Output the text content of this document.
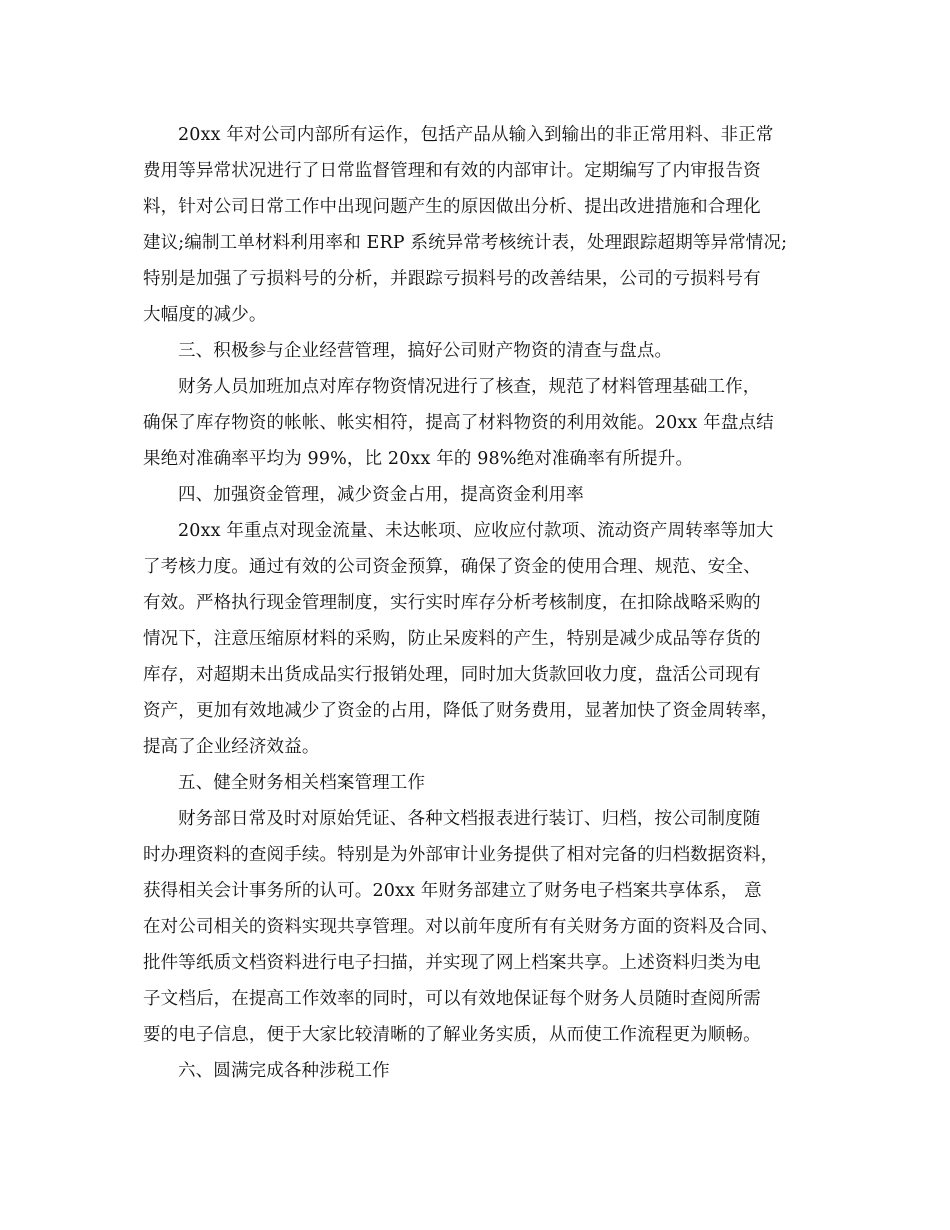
20xx 年对公司内部所有运作，包括产品从输入到输出的非正常用料、非正常
费用等异常状况进行了日常监督管理和有效的内部审计。定期编写了内审报告资
料，针对公司日常工作中出现问题产生的原因做出分析、提出改进措施和合理化
建议;编制工单材料利用率和 ERP 系统异常考核统计表，处理跟踪超期等异常情况;
特别是加强了亏损料号的分析，并跟踪亏损料号的改善结果，公司的亏损料号有
大幅度的减少。
三、积极参与企业经营管理，搞好公司财产物资的清查与盘点。
财务人员加班加点对库存物资情况进行了核查，规范了材料管理基础工作，
确保了库存物资的帐帐、帐实相符，提高了材料物资的利用效能。20xx 年盘点结
果绝对准确率平均为 99%，比 20xx 年的 98%绝对准确率有所提升。
四、加强资金管理，减少资金占用，提高资金利用率
20xx 年重点对现金流量、未达帐项、应收应付款项、流动资产周转率等加大
了考核力度。通过有效的公司资金预算，确保了资金的使用合理、规范、安全、
有效。严格执行现金管理制度，实行实时库存分析考核制度，在扣除战略采购的
情况下，注意压缩原材料的采购，防止呆废料的产生，特别是减少成品等存货的
库存，对超期未出货成品实行报销处理，同时加大货款回收力度，盘活公司现有
资产，更加有效地减少了资金的占用，降低了财务费用，显著加快了资金周转率，
提高了企业经济效益。
五、健全财务相关档案管理工作
财务部日常及时对原始凭证、各种文档报表进行装订、归档，按公司制度随
时办理资料的查阅手续。特别是为外部审计业务提供了相对完备的归档数据资料，
获得相关会计事务所的认可。20xx 年财务部建立了财务电子档案共享体系， 意
在对公司相关的资料实现共享管理。对以前年度所有有关财务方面的资料及合同、
批件等纸质文档资料进行电子扫描，并实现了网上档案共享。上述资料归类为电
子文档后，在提高工作效率的同时，可以有效地保证每个财务人员随时查阅所需
要的电子信息，便于大家比较清晰的了解业务实质，从而使工作流程更为顺畅。
六、圆满完成各种涉税工作
